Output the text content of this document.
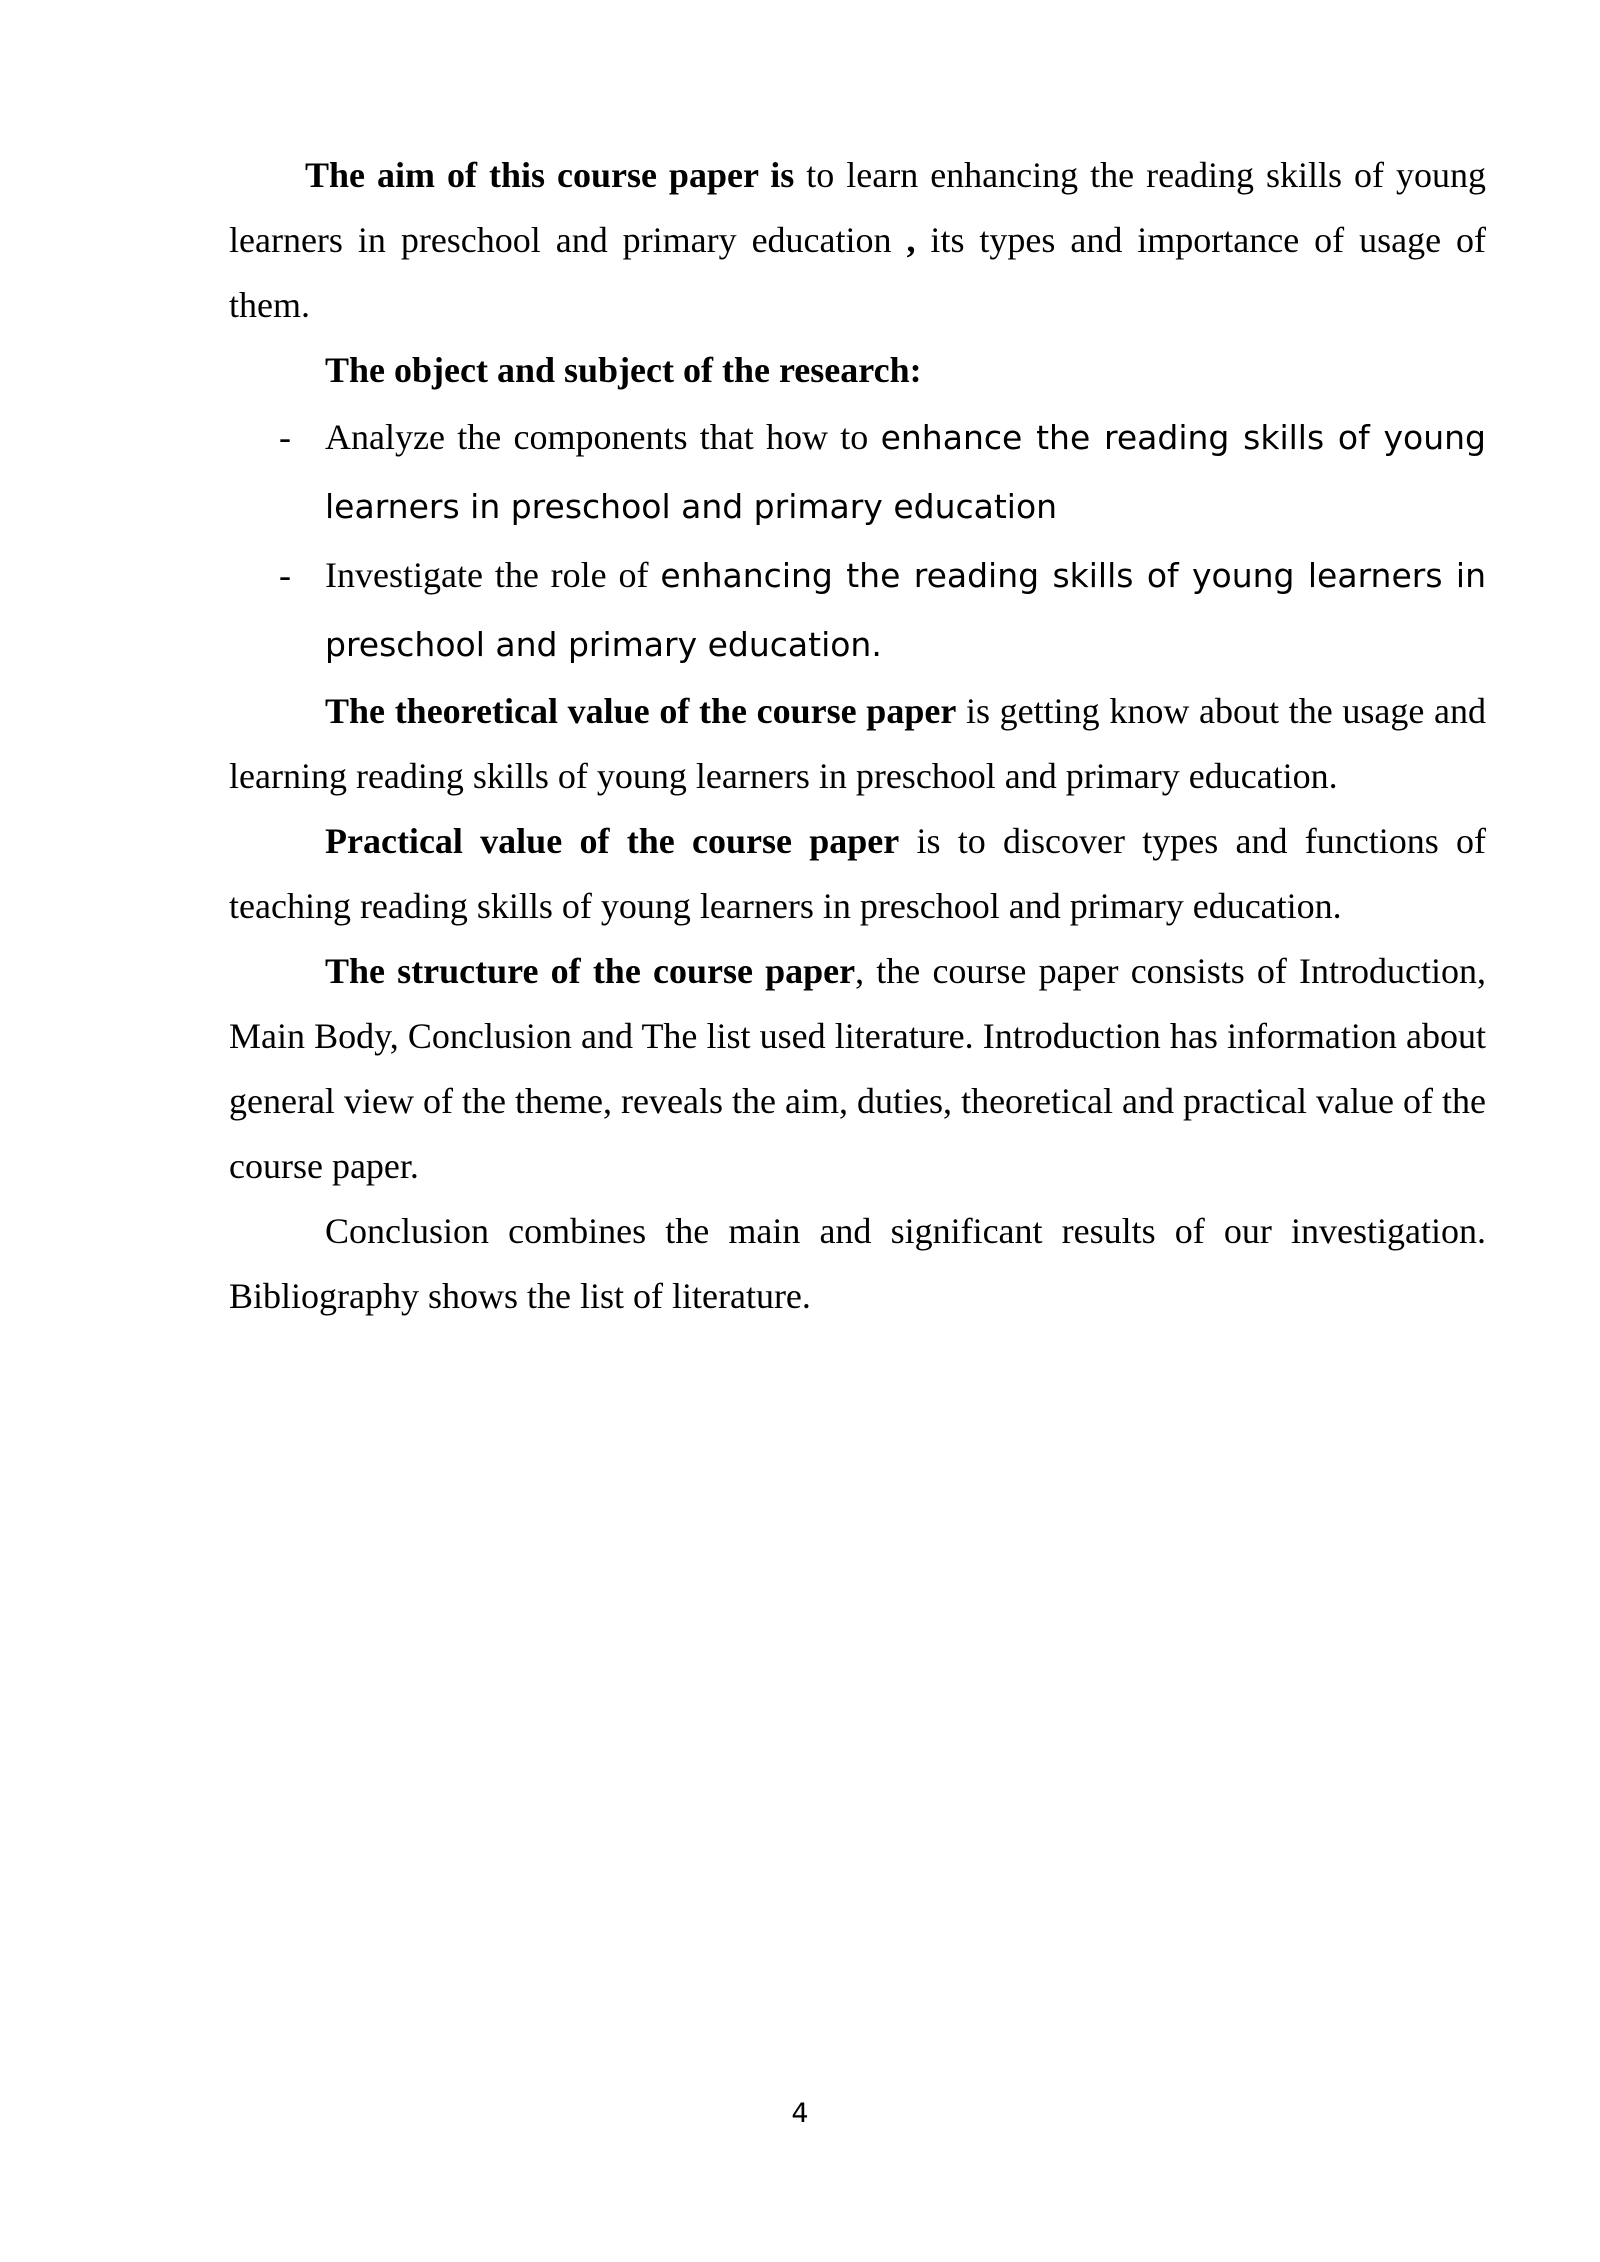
The aim of this course paper is to learn enhancing the reading skills of young learners in preschool and primary education , its types and importance of usage of them.

The object and subject of the research:

- Analyze the components that how to enhance the reading skills of young learners in preschool and primary education
- Investigate the role of enhancing the reading skills of young learners in preschool and primary education.

The theoretical value of the course paper is getting know about the usage and learning reading skills of young learners in preschool and primary education.

Practical value of the course paper is to discover types and functions of teaching reading skills of young learners in preschool and primary education.

The structure of the course paper, the course paper consists of Introduction, Main Body, Conclusion and The list used literature. Introduction has information about general view of the theme, reveals the aim, duties, theoretical and practical value of the course paper.

Conclusion combines the main and significant results of our investigation. Bibliography shows the list of literature.

4
